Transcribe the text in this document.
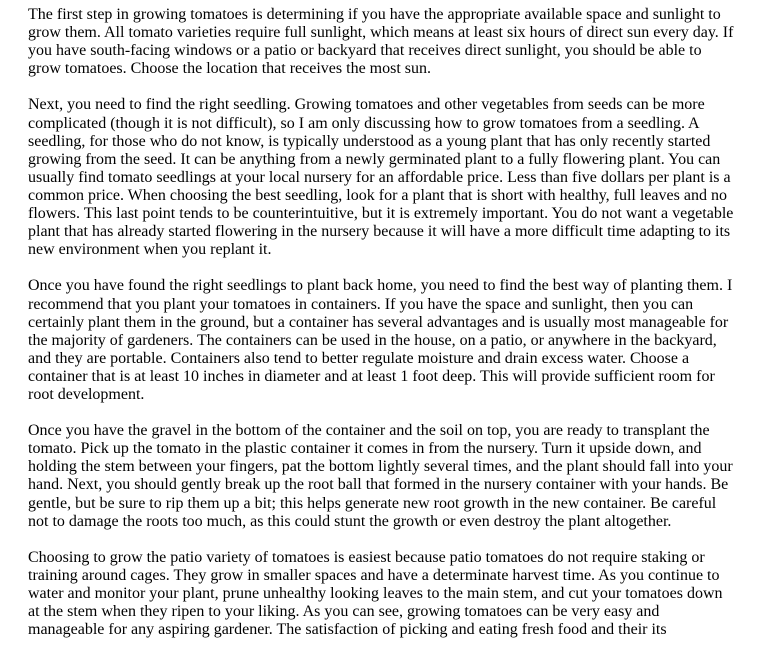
The first step in growing tomatoes is determining if you have the appropriate available space and sunlight to
grow them. All tomato varieties require full sunlight, which means at least six hours of direct sun every day. If
you have south-facing windows or a patio or backyard that receives direct sunlight, you should be able to
grow tomatoes. Choose the location that receives the most sun.

Next, you need to find the right seedling. Growing tomatoes and other vegetables from seeds can be more
complicated (though it is not difficult), so I am only discussing how to grow tomatoes from a seedling. A
seedling, for those who do not know, is typically understood as a young plant that has only recently started
growing from the seed. It can be anything from a newly germinated plant to a fully flowering plant. You can
usually find tomato seedlings at your local nursery for an affordable price. Less than five dollars per plant is a
common price. When choosing the best seedling, look for a plant that is short with healthy, full leaves and no
flowers. This last point tends to be counterintuitive, but it is extremely important. You do not want a vegetable
plant that has already started flowering in the nursery because it will have a more difficult time adapting to its
new environment when you replant it.

Once you have found the right seedlings to plant back home, you need to find the best way of planting them. I
recommend that you plant your tomatoes in containers. If you have the space and sunlight, then you can
certainly plant them in the ground, but a container has several advantages and is usually most manageable for
the majority of gardeners. The containers can be used in the house, on a patio, or anywhere in the backyard,
and they are portable. Containers also tend to better regulate moisture and drain excess water. Choose a
container that is at least 10 inches in diameter and at least 1 foot deep. This will provide sufficient room for
root development.

Once you have the gravel in the bottom of the container and the soil on top, you are ready to transplant the
tomato. Pick up the tomato in the plastic container it comes in from the nursery. Turn it upside down, and
holding the stem between your fingers, pat the bottom lightly several times, and the plant should fall into your
hand. Next, you should gently break up the root ball that formed in the nursery container with your hands. Be
gentle, but be sure to rip them up a bit; this helps generate new root growth in the new container. Be careful
not to damage the roots too much, as this could stunt the growth or even destroy the plant altogether.

Choosing to grow the patio variety of tomatoes is easiest because patio tomatoes do not require staking or
training around cages. They grow in smaller spaces and have a determinate harvest time. As you continue to
water and monitor your plant, prune unhealthy looking leaves to the main stem, and cut your tomatoes down
at the stem when they ripen to your liking. As you can see, growing tomatoes can be very easy and
manageable for any aspiring gardener. The satisfaction of picking and eating fresh food and their its
